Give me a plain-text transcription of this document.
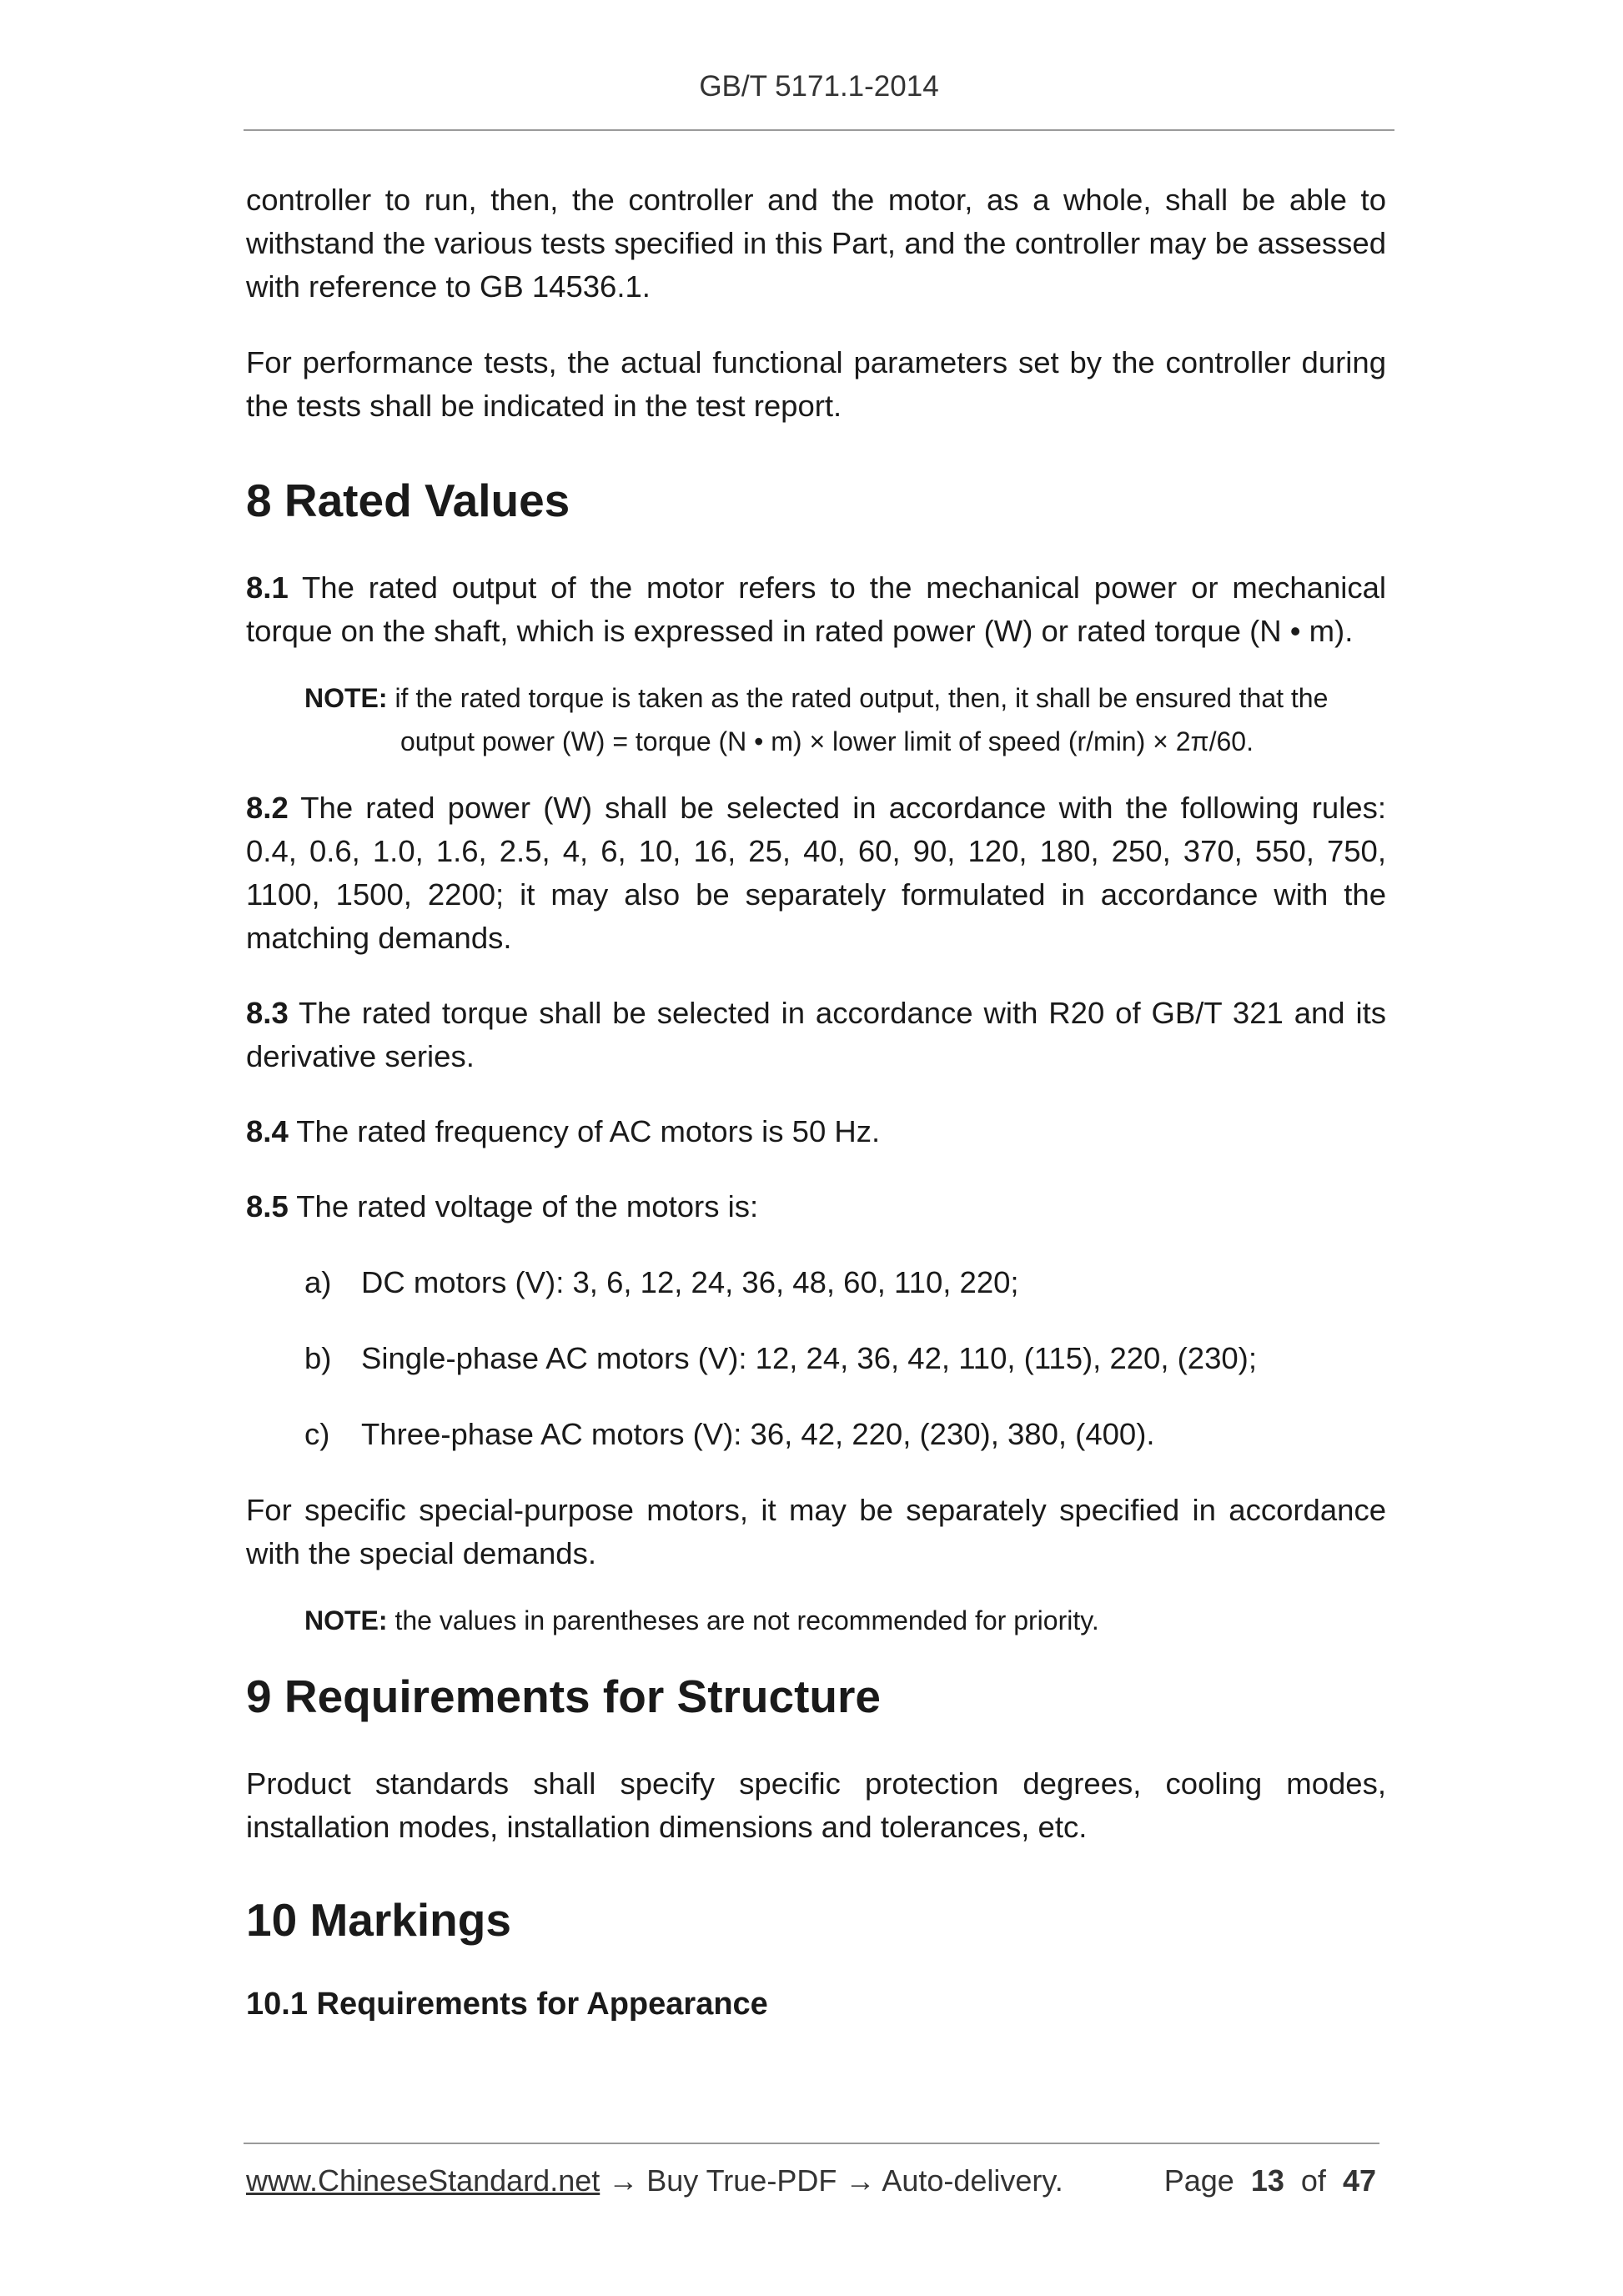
GB/T 5171.1-2014

controller to run, then, the controller and the motor, as a whole, shall be able to withstand the various tests specified in this Part, and the controller may be assessed with reference to GB 14536.1.

For performance tests, the actual functional parameters set by the controller during the tests shall be indicated in the test report.

8 Rated Values

8.1 The rated output of the motor refers to the mechanical power or mechanical torque on the shaft, which is expressed in rated power (W) or rated torque (N • m).

NOTE: if the rated torque is taken as the rated output, then, it shall be ensured that the
output power (W) = torque (N • m) × lower limit of speed (r/min) × 2π/60.

8.2 The rated power (W) shall be selected in accordance with the following rules: 0.4, 0.6, 1.0, 1.6, 2.5, 4, 6, 10, 16, 25, 40, 60, 90, 120, 180, 250, 370, 550, 750, 1100, 1500, 2200; it may also be separately formulated in accordance with the matching demands.

8.3 The rated torque shall be selected in accordance with R20 of GB/T 321 and its derivative series.

8.4 The rated frequency of AC motors is 50 Hz.

8.5 The rated voltage of the motors is:

a) DC motors (V): 3, 6, 12, 24, 36, 48, 60, 110, 220;
b) Single-phase AC motors (V): 12, 24, 36, 42, 110, (115), 220, (230);
c)	Three-phase AC motors (V): 36, 42, 220, (230), 380, (400).

For specific special-purpose motors, it may be separately specified in accordance with the special demands.

NOTE: the values in parentheses are not recommended for priority.
9 Requirements for Structure

Product standards shall specify specific protection degrees, cooling modes, installation modes, installation dimensions and tolerances, etc.

10 Markings
10.1 Requirements for Appearance
www.ChineseStandard.net → Buy True-PDF → Auto-delivery.	Page 13 of 47
